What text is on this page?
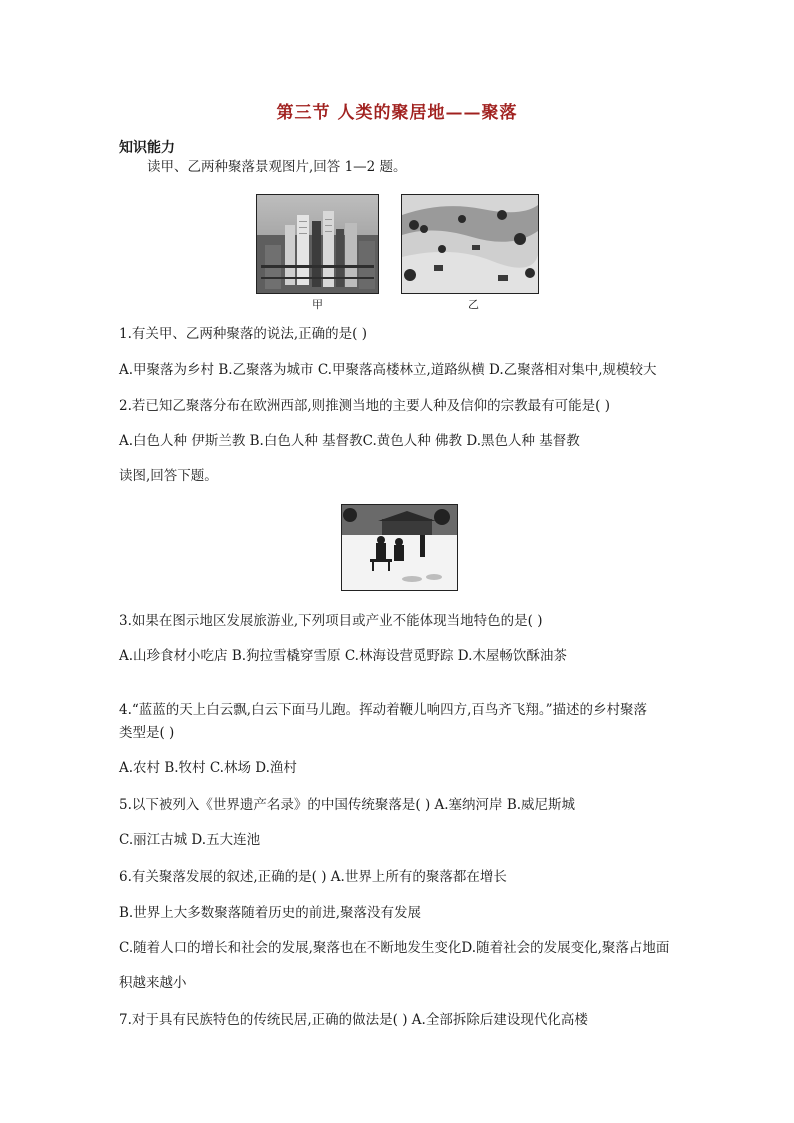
第三节 人类的聚居地——聚落
知识能力
读甲、乙两种聚落景观图片,回答 1—2 题。
甲	乙
1.有关甲、乙两种聚落的说法,正确的是( )
A.甲聚落为乡村 B.乙聚落为城市 C.甲聚落高楼林立,道路纵横 D.乙聚落相对集中,规模较大
2.若已知乙聚落分布在欧洲西部,则推测当地的主要人种及信仰的宗教最有可能是( )
A.白色人种 伊斯兰教 B.白色人种 基督教C.黄色人种 佛教 D.黑色人种 基督教
读图,回答下题。
3.如果在图示地区发展旅游业,下列项目或产业不能体现当地特色的是( )
A.山珍食材小吃店 B.狗拉雪橇穿雪原 C.林海设营觅野踪 D.木屋畅饮酥油茶
4.“蓝蓝的天上白云飘,白云下面马儿跑。挥动着鞭儿响四方,百鸟齐飞翔。”描述的乡村聚落
类型是( )
A.农村 B.牧村 C.林场 D.渔村
5.以下被列入《世界遗产名录》的中国传统聚落是( ) A.塞纳河岸 B.威尼斯城
C.丽江古城 D.五大连池
6.有关聚落发展的叙述,正确的是( ) A.世界上所有的聚落都在增长
B.世界上大多数聚落随着历史的前进,聚落没有发展
C.随着人口的增长和社会的发展,聚落也在不断地发生变化D.随着社会的发展变化,聚落占地面
积越来越小
7.对于具有民族特色的传统民居,正确的做法是( ) A.全部拆除后建设现代化高楼
